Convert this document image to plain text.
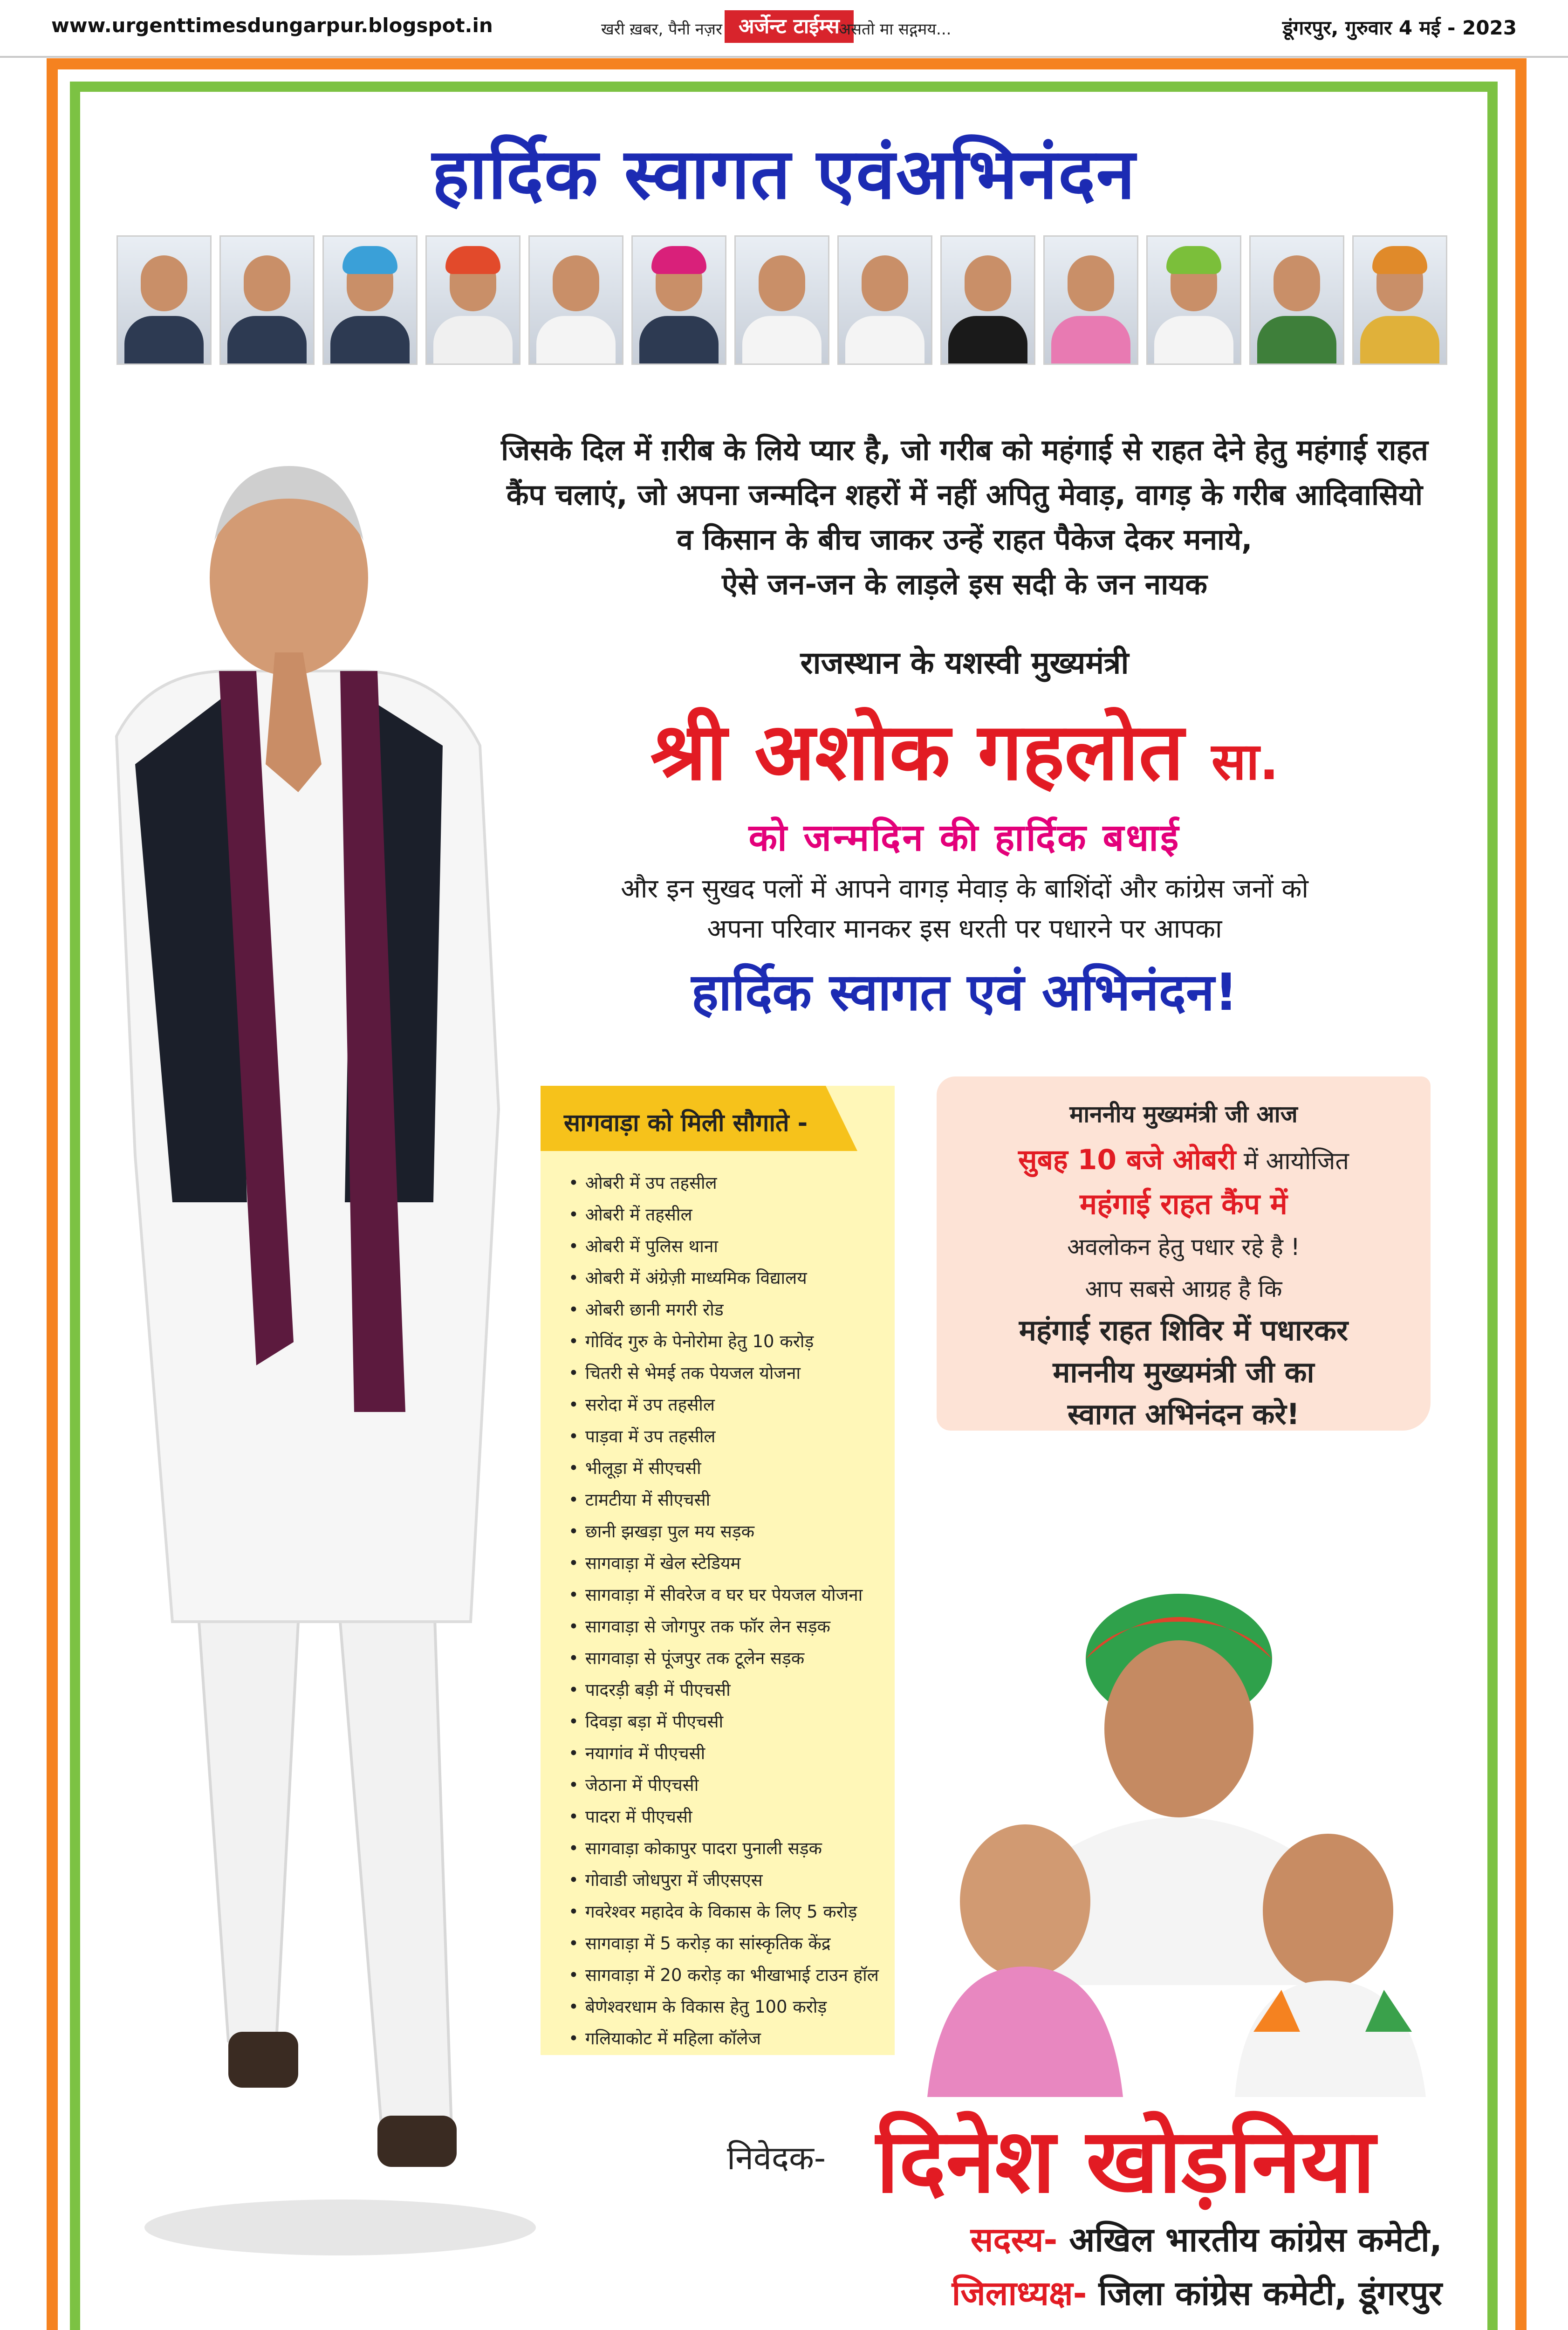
www.urgenttimesdungarpur.blogspot.in	खरी ख़बर, पैनी नज़र अर्जेन्ट टाईम्स
असतो मा सद्गमय...	डूंगरपुर, गुरुवार 4 मई - 2023
हार्दिक स्वागत एवंअभिनंदन
जिसके दिल में ग़रीब के लिये प्यार है, जो गरीब को महंगाई से राहत देने हेतु महंगाई राहत
कैंप चलाएं, जो अपना जन्मदिन शहरों में नहीं अपितु मेवाड़, वागड़ के गरीब आदिवासियो
व किसान के बीच जाकर उन्हें राहत पैकेज देकर मनाये,
ऐसे जन-जन के लाड़ले इस सदी के जन नायक
राजस्थान के यशस्वी मुख्यमंत्री
श्री अशोक गहलोत सा.
को जन्मदिन की हार्दिक बधाई
और इन सुखद पलों में आपने वागड़ मेवाड़ के बाशिंदों और कांग्रेस जनों को
अपना परिवार मानकर इस धरती पर पधारने पर आपका
हार्दिक स्वागत एवं अभिनंदन!
सागवाड़ा को मिली सौगाते -
• ओबरी में उप तहसील
• ओबरी में तहसील
• ओबरी में पुलिस थाना
• ओबरी में अंग्रेज़ी माध्यमिक विद्यालय
• ओबरी छानी मगरी रोड
• गोविंद गुरु के पेनोरोमा हेतु 10 करोड़
• चितरी से भेमई तक पेयजल योजना
• सरोदा में उप तहसील
• पाड़वा में उप तहसील
• भीलूड़ा में सीएचसी
• टामटीया में सीएचसी
• छानी झखड़ा पुल मय सड़क
• सागवाड़ा में खेल स्टेडियम
• सागवाड़ा में सीवरेज व घर घर पेयजल योजना
• सागवाड़ा से जोगपुर तक फॉर लेन सड़क
• सागवाड़ा से पूंजपुर तक टूलेन सड़क
• पादरड़ी बड़ी में पीएचसी
• दिवड़ा बड़ा में पीएचसी
• नयागांव में पीएचसी
• जेठाना में पीएचसी
• पादरा में पीएचसी
• सागवाड़ा कोकापुर पादरा पुनाली सड़क
• गोवाडी जोधपुरा में जीएसएस
• गवरेश्वर महादेव के विकास के लिए 5 करोड़
• सागवाड़ा में 5 करोड़ का सांस्कृतिक केंद्र
• सागवाड़ा में 20 करोड़ का भीखाभाई टाउन हॉल
• बेणेश्वरधाम के विकास हेतु 100 करोड़
• गलियाकोट में महिला कॉलेज
माननीय मुख्यमंत्री जी आज
सुबह 10 बजे ओबरी में आयोजित
महंगाई राहत कैंप में
अवलोकन हेतु पधार रहे है !
आप सबसे आग्रह है कि
महंगाई राहत शिविर में पधारकर
माननीय मुख्यमंत्री जी का
स्वागत अभिनंदन करे!
निवेदक- दिनेश खोड़निया
सदस्य- अखिल भारतीय कांग्रेस कमेटी,
जिलाध्यक्ष- जिला कांग्रेस कमेटी, डूंगरपुर
